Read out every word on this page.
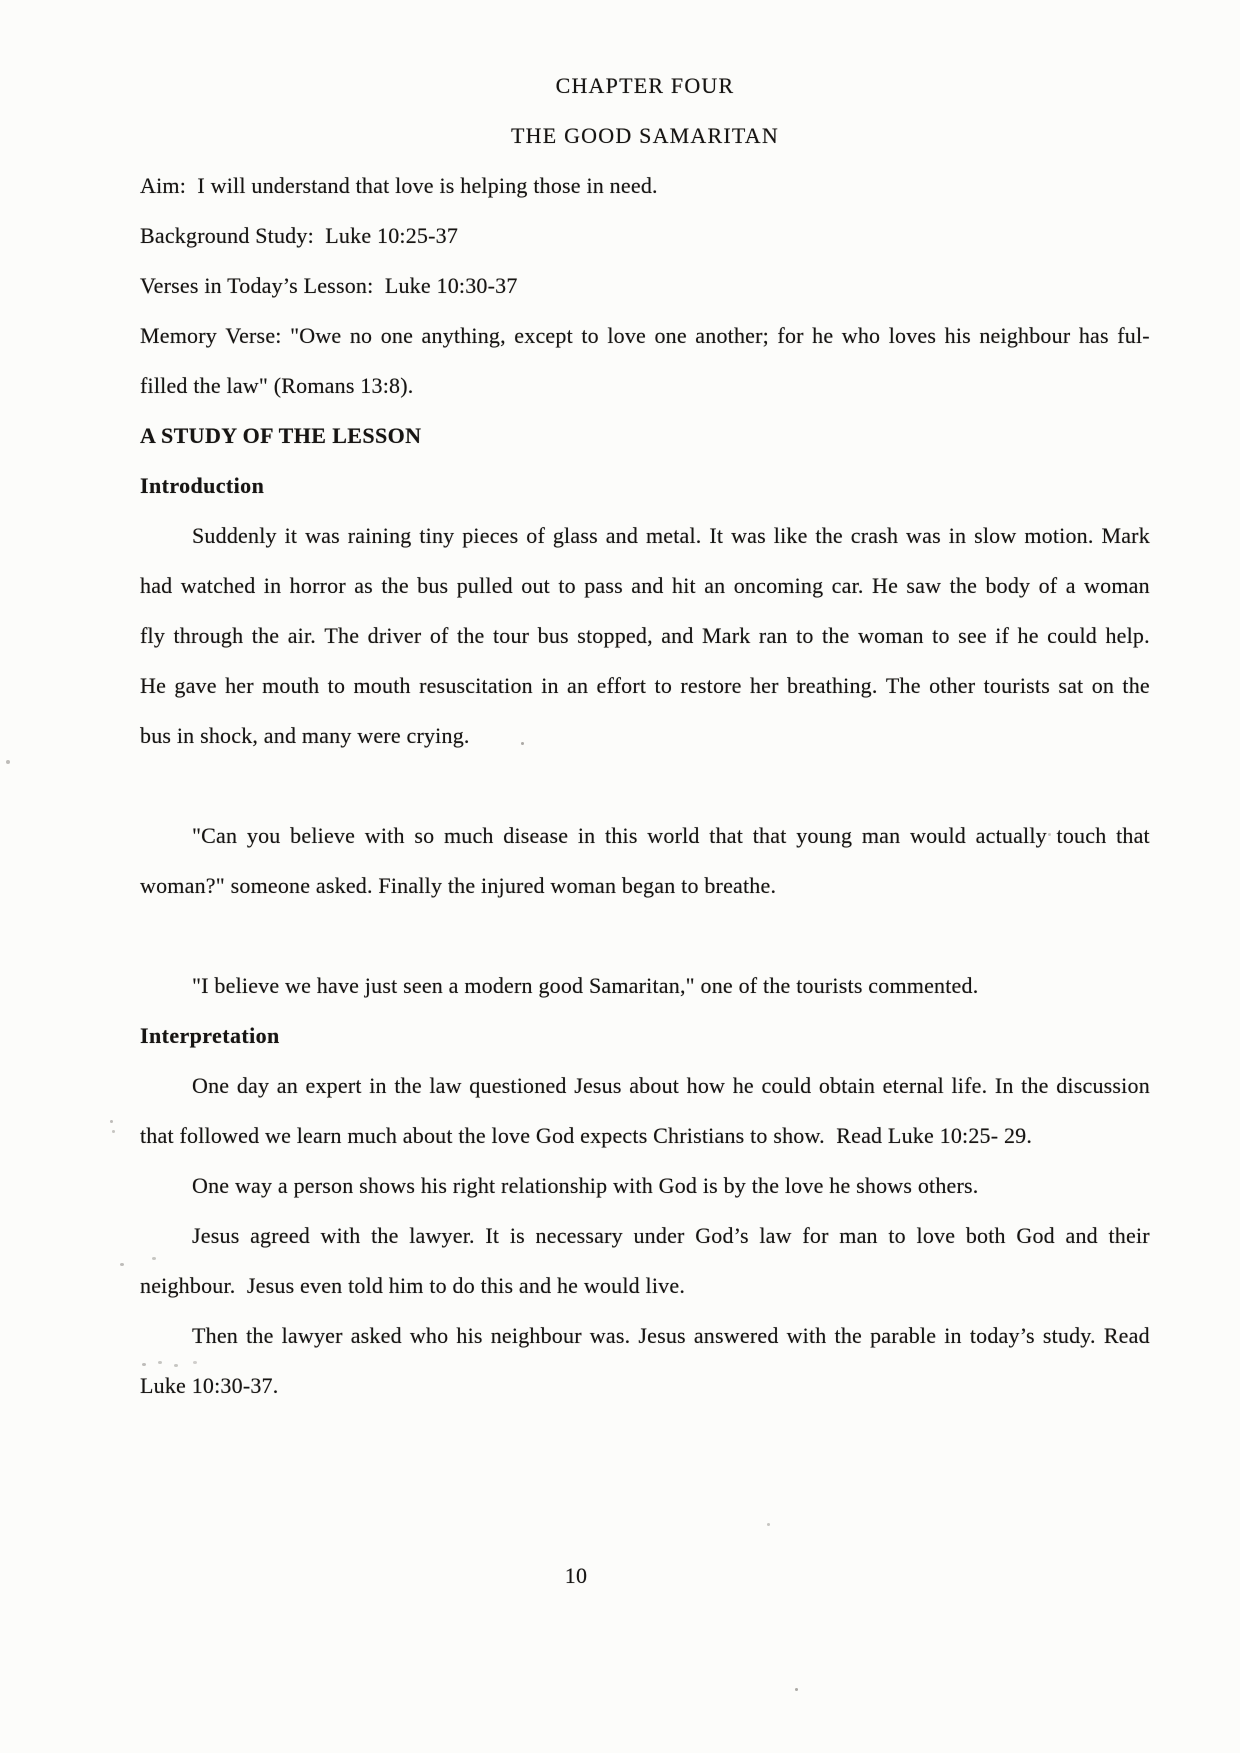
CHAPTER FOUR
THE GOOD SAMARITAN
Aim:  I will understand that love is helping those in need.
Background Study:  Luke 10:25-37
Verses in Today’s Lesson:  Luke 10:30-37
Memory Verse: "Owe no one anything, except to love one another; for he who loves his neighbour has ful-
filled the law" (Romans 13:8).
A STUDY OF THE LESSON
Introduction
Suddenly it was raining tiny pieces of glass and metal. It was like the crash was in slow motion. Mark
had watched in horror as the bus pulled out to pass and hit an oncoming car. He saw the body of a woman
fly through the air. The driver of the tour bus stopped, and Mark ran to the woman to see if he could help.
He gave her mouth to mouth resuscitation in an effort to restore her breathing. The other tourists sat on the
bus in shock, and many were crying.
"Can you believe with so much disease in this world that that young man would actually touch that
woman?" someone asked. Finally the injured woman began to breathe.
"I believe we have just seen a modern good Samaritan," one of the tourists commented.
Interpretation
One day an expert in the law questioned Jesus about how he could obtain eternal life. In the discussion
that followed we learn much about the love God expects Christians to show.  Read Luke 10:25- 29.
One way a person shows his right relationship with God is by the love he shows others.
Jesus agreed with the lawyer. It is necessary under God’s law for man to love both God and their
neighbour.  Jesus even told him to do this and he would live.
Then the lawyer asked who his neighbour was. Jesus answered with the parable in today’s study. Read
Luke 10:30-37.
10
